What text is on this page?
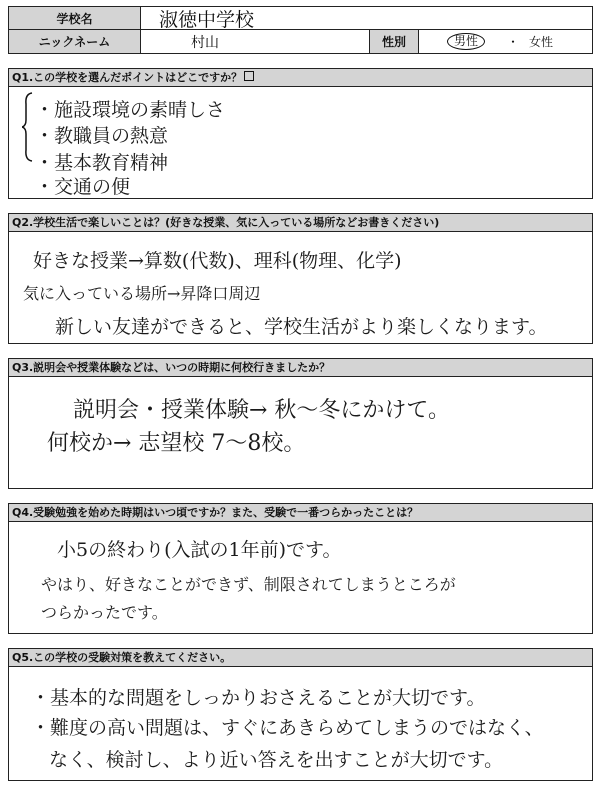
学校名	淑徳中学校
ニックネーム	村山	性別	男性	・ 女性
Q1.この学校を選んだポイントはどこですか？
・施設環境の素晴しさ
・教職員の熱意
・基本教育精神
・交通の便
Q2.学校生活で楽しいことは？(好きな授業、気に入っている場所などお書きください)
好きな授業→算数(代数)、理科(物理、化学)
気に入っている場所→昇降口周辺
新しい友達ができると、学校生活がより楽しくなります。
Q3.説明会や授業体験などは、いつの時期に何校行きましたか？
説明会・授業体験→ 秋～冬にかけて。
何校か→ 志望校 7～8校。
Q4.受験勉強を始めた時期はいつ頃ですか？また、受験で一番つらかったことは？
小5の終わり(入試の1年前)です。
やはり、好きなことができず、制限されてしまうところが
つらかったです。
Q5.この学校の受験対策を教えてください。
・基本的な問題をしっかりおさえることが大切です。
・難度の高い問題は、すぐにあきらめてしまうのではなく、
なく、検討し、より近い答えを出すことが大切です。
